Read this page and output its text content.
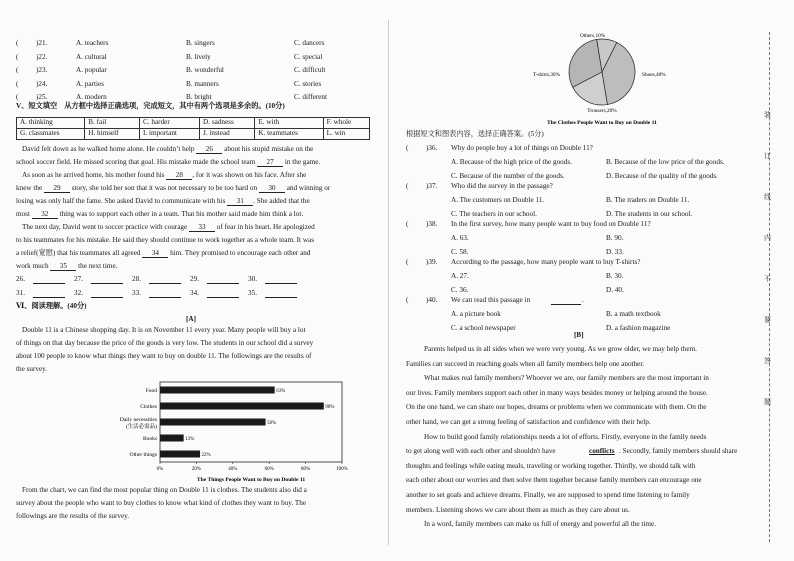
( )21.	A. teachers	B. singers	C. dancers
( )22.	A. cultural	B. lively	C. special
( )23.	A. popular	B. wonderful	C. difficult
( )24.	A. parties	B. manners	C. stories
( )25.	A. modern	B. bright	C. different
V、短文填空　从方框中选择正确选项，完成短文，其中有两个选项是多余的。(10分)
A. thinking	B. fail	C. harder	D. sadness	E. with	F. whole
G. classmates	H. himself	I. important	J. instead	K. teammates	L. win
David felt down as he walked home alone. He couldn’t help 26 about his stupid mistake on the
school soccer field. He missed scoring that goal. His mistake made the school team 27 in the game.
As soon as he arrived home, his mother found his 28 , for it was shown on his face. After she
knew the 29 story, she told her son that it was not necessary to be too hard on 30 and winning or
losing was only half the fame. She asked David to communicate with his 31 . She added that the
most 32 thing was to support each other in a team. That his mother said made him think a lot.
The next day, David went to soccer practice with courage 33 of fear in his heart. He apologized
to his teammates for his mistake. He said they should continue to work together as a whole team. It was
a relief(宽慰) that his teammates all agreed 34 him. They promised to encourage each other and
work much 35 the next time.
26.	27.	28.	29.	30.
31.	32.	33.	34.	35.
Ⅵ、阅读理解。(40分)
[A]
Double 11 is a Chinese shopping day. It is on November 11 every year. Many people will buy a lot
of things on that day because the price of the goods is very low. The students in our school did a survey
about 100 people to know what things they want to buy on double 11. The followings are the results of
the survey.
63%
Food
90%
Clothes
58%
Daily necessities
(生活必需品)
13%
Books
22%
Other things
0%	20%	40%	60%	80%	100%
The Things People Want to Buy on Double 11
From the chart, we can find the most popular thing on Double 11 is clothes. The students also did a
survey about the people who want to buy clothes to know what kind of clothes they want to buy. The
followings are the results of the survey.
Others,10%
Shoes,40%
Trousers,20%
T-shirts,30%
The Clothes People Want to Buy on Double 11
根据短文和图表内容，选择正确答案。(5分)
( )36. Why do people buy a lot of things on Double 11?
A. Because of the high price of the goods.	B. Because of the low price of the goods.
C. Because of the number of the goods.	D. Because of the quality of the goods.
( )37. Who did the survey in the passage?
A. The customers on Double 11.	B. The traders on Double 11.
C. The teachers in our school.	D. The students in our school.
( )38. In the first survey, how many people want to buy food on Double 11?
A. 63.	B. 90.
C. 58.	D. 33.
( )39. According to the passage, how many people want to buy T-shirts?
A. 27.	B. 30.
C. 36.	D. 40.
( )40. We can read this passage in	.
A. a picture book	B. a math textbook
C. a school newspaper	D. a fashion magazine
[B]
Parents helped us in all sides when we were very young. As we grow older, we may help them.
Families can succeed in reaching goals when all family members help one another.
What makes real family members? Whoever we are, our family members are the most important in
our lives. Family members support each other in many ways besides money or helping around the house.
On the one hand, we can share our hopes, dreams or problems when we communicate with them. On the
other hand, we can get a strong feeling of satisfaction and confidence with their help.
How to build good family relationships needs a lot of efforts. Firstly, everyone in the family needs
to get along well with each other and shouldn't have	conflicts . Secondly, family members should share
thoughts and feelings while eating meals, traveling or working together. Thirdly, we should talk with
each other about our worries and then solve them together because family members can encourage one
another to set goals and achieve dreams. Finally, we are supposed to spend time listening to family
members. Listening shows we care about them as much as they care about us.
In a word, family members can make us full of energy and powerful all the time.
装
订
线
内
不
要
答
题
